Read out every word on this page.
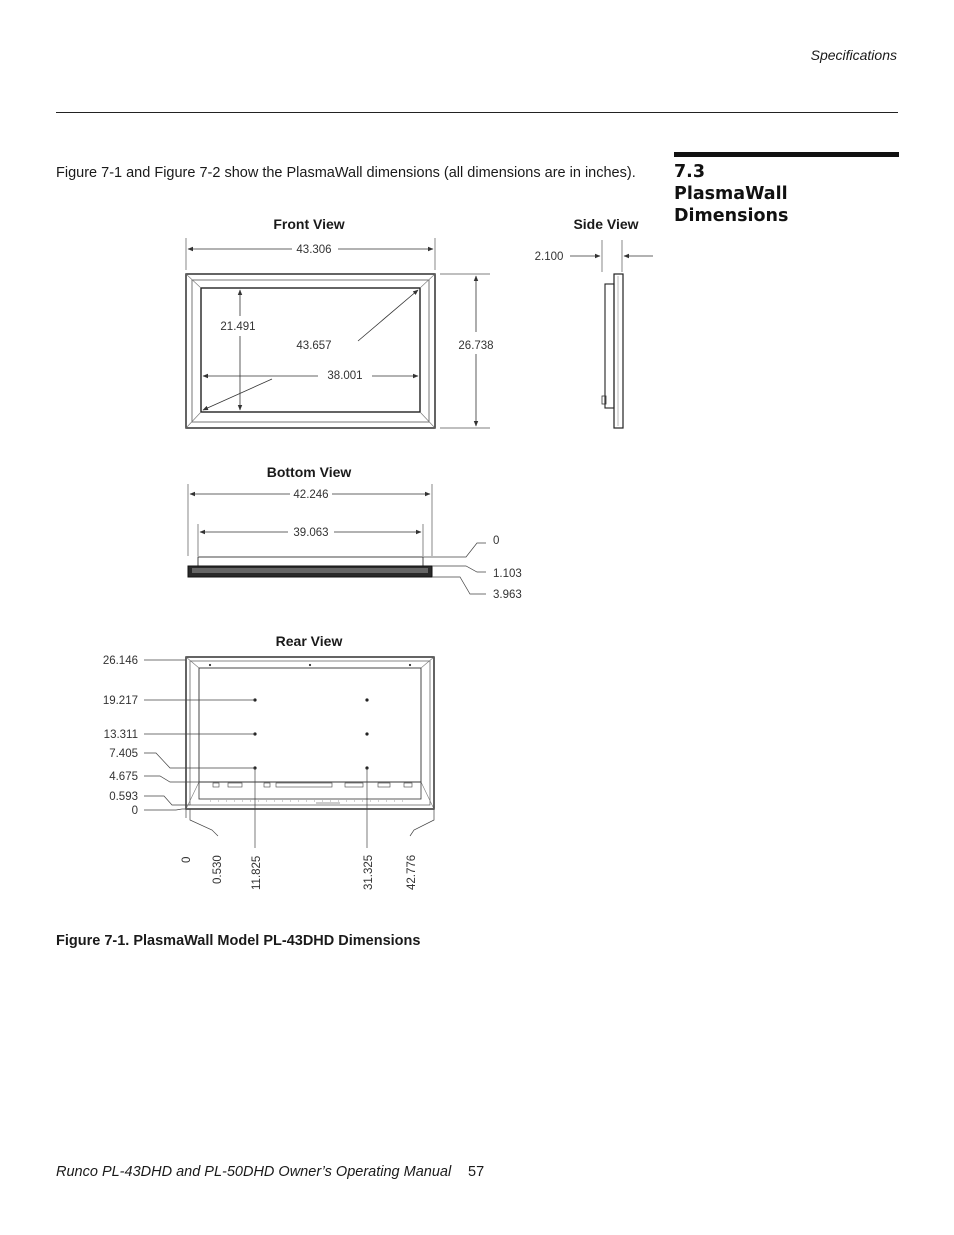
Specifications
7.3
PlasmaWall
Dimensions
Figure 7-1 and Figure 7-2 show the PlasmaWall dimensions (all dimensions are in inches).
Front View
43.306
26.738
21.491
43.657
38.001
Side View
2.100
Bottom View
42.246
39.063
0
1.103
3.963
Rear View
26.146
19.217
13.311
7.405
4.675
0.593
0
0 0.530 11.825	31.325	42.776
Figure 7-1. PlasmaWall Model PL-43DHD Dimensions
Runco PL-43DHD and PL-50DHD Owner’s Operating Manual 57
